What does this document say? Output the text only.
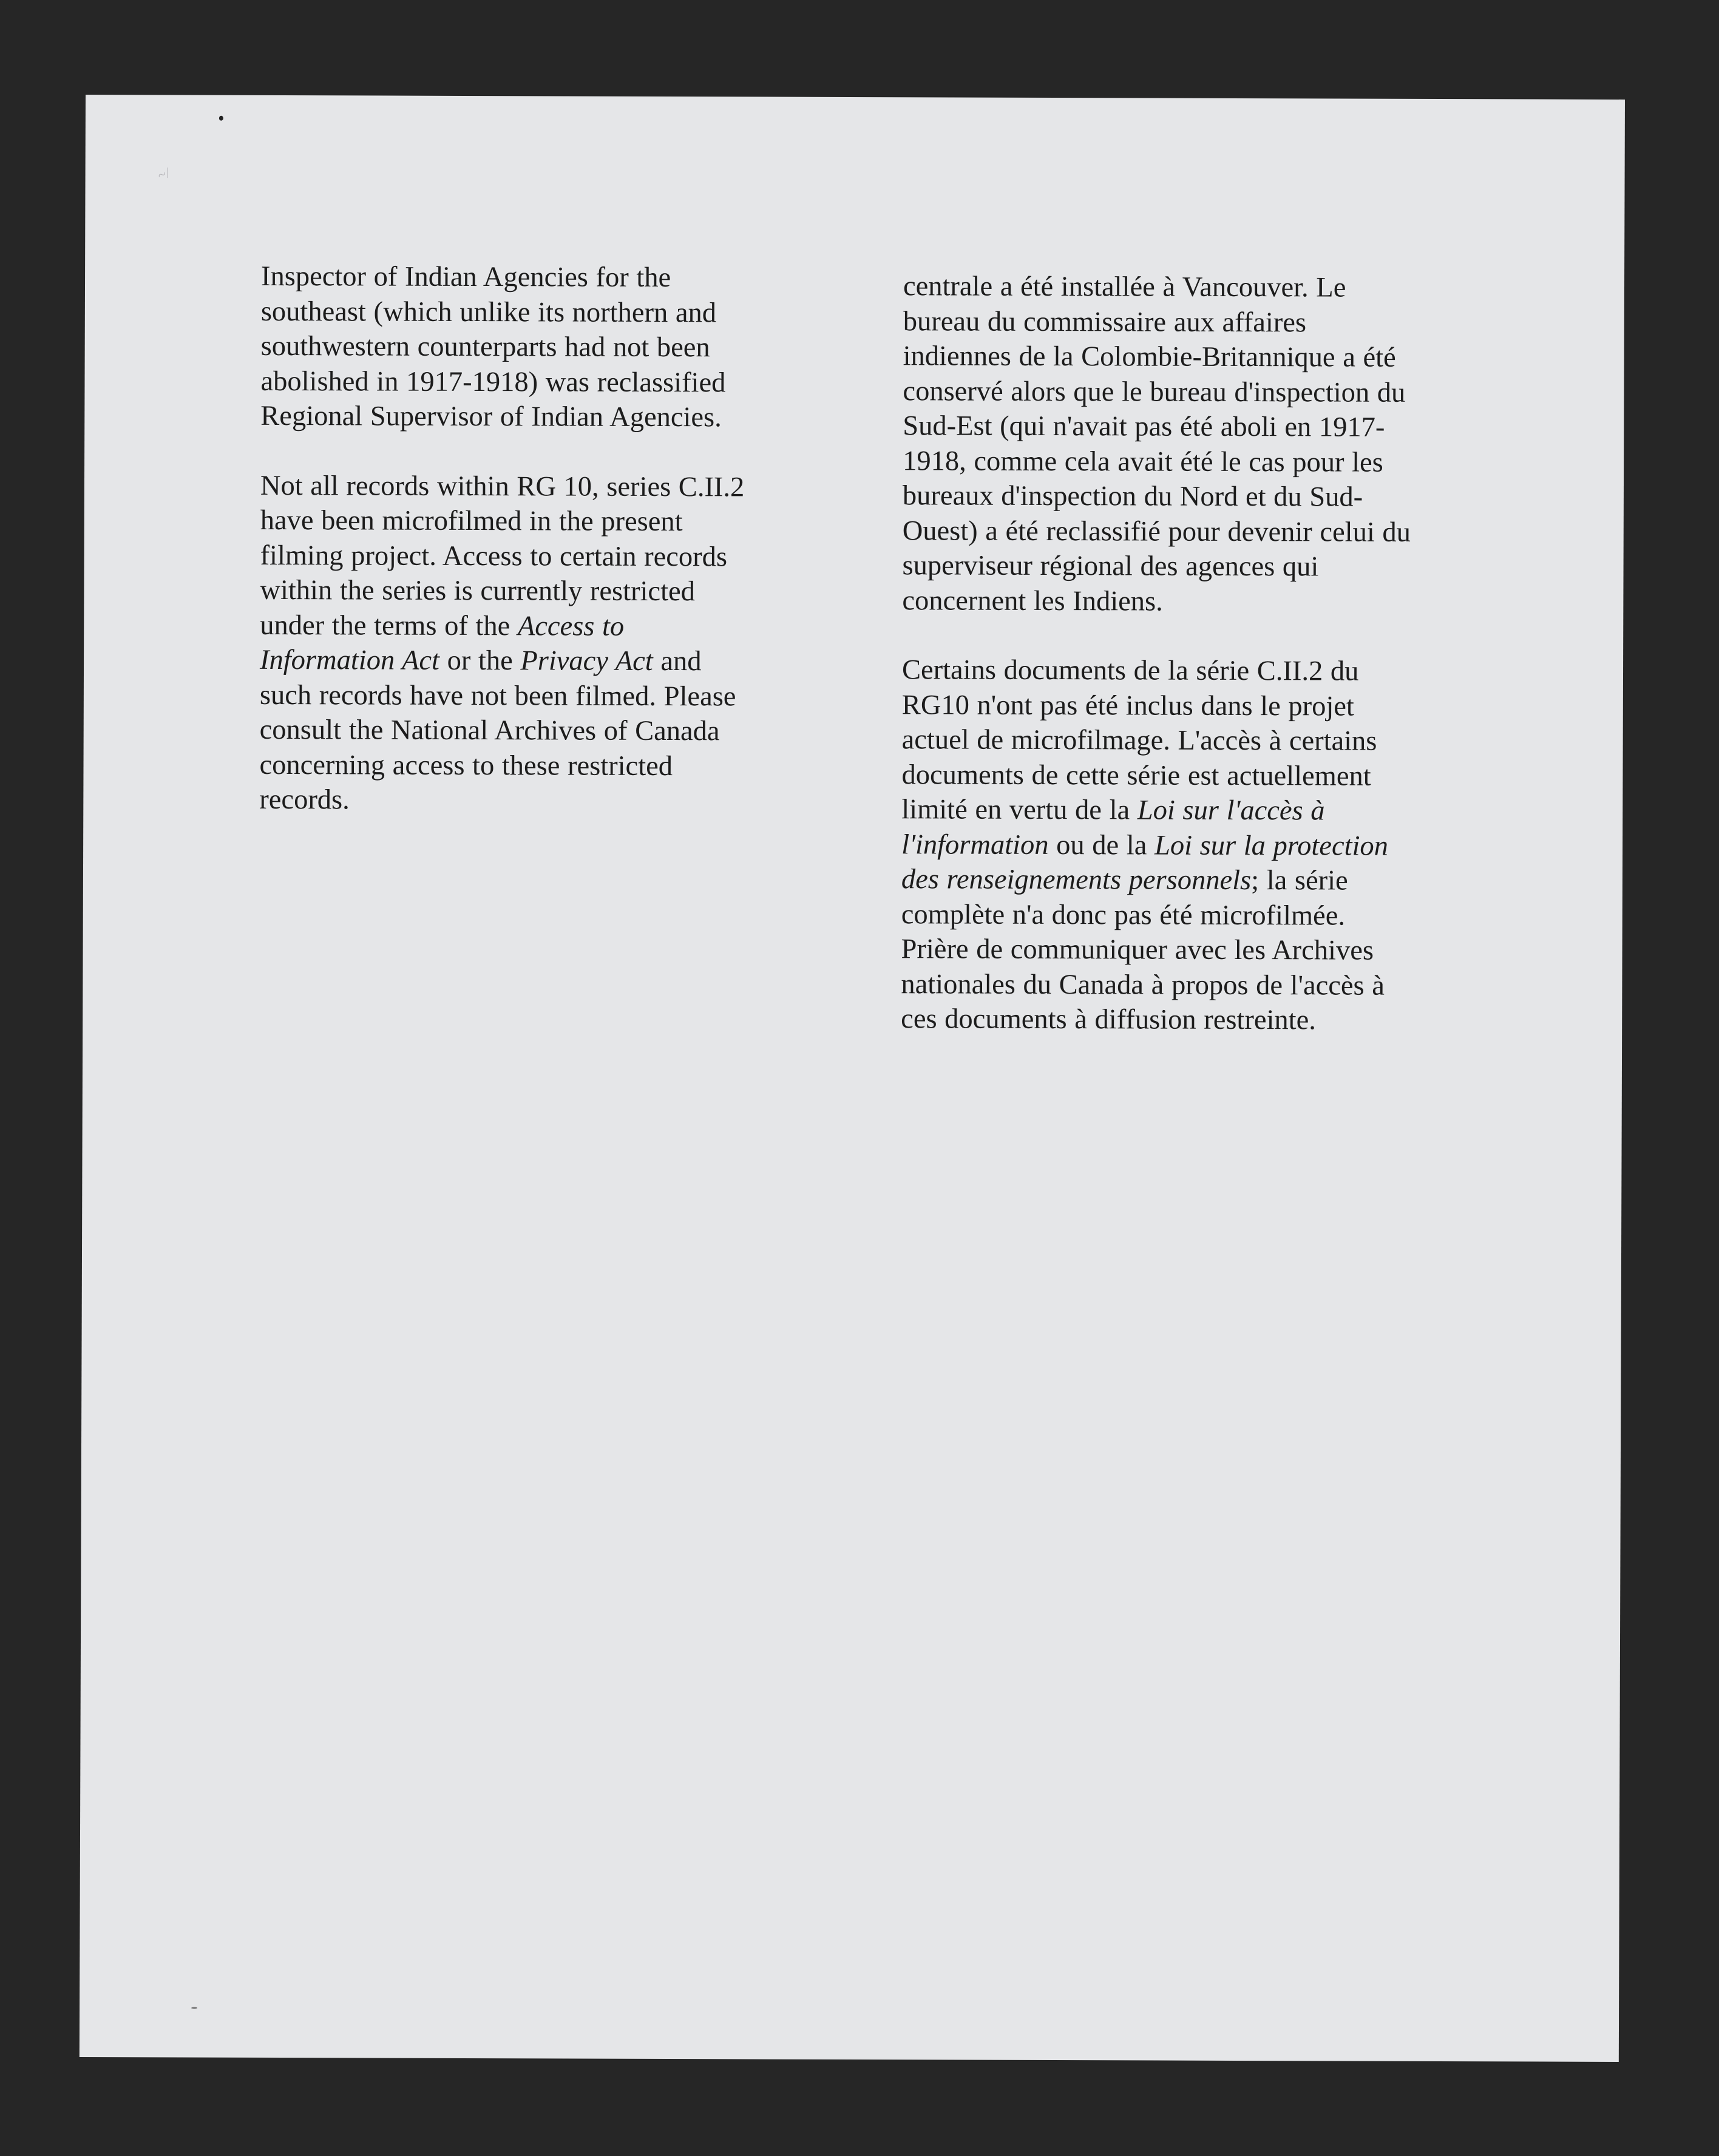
~/

Inspector of Indian Agencies for the
southeast (which unlike its northern and
southwestern counterparts had not been
abolished in 1917-1918) was reclassified
Regional Supervisor of Indian Agencies.

Not all records within RG 10, series C.II.2
have been microfilmed in the present
filming project. Access to certain records
within the series is currently restricted
under the terms of the Access to
Information Act or the Privacy Act and
such records have not been filmed. Please
consult the National Archives of Canada
concerning access to these restricted
records.

centrale a été installée à Vancouver. Le
bureau du commissaire aux affaires
indiennes de la Colombie-Britannique a été
conservé alors que le bureau d'inspection du
Sud-Est (qui n'avait pas été aboli en 1917-
1918, comme cela avait été le cas pour les
bureaux d'inspection du Nord et du Sud-
Ouest) a été reclassifié pour devenir celui du
superviseur régional des agences qui
concernent les Indiens.

Certains documents de la série C.II.2 du
RG10 n'ont pas été inclus dans le projet
actuel de microfilmage. L'accès à certains
documents de cette série est actuellement
limité en vertu de la Loi sur l'accès à
l'information ou de la Loi sur la protection
des renseignements personnels; la série
complète n'a donc pas été microfilmée.
Prière de communiquer avec les Archives
nationales du Canada à propos de l'accès à
ces documents à diffusion restreinte.
